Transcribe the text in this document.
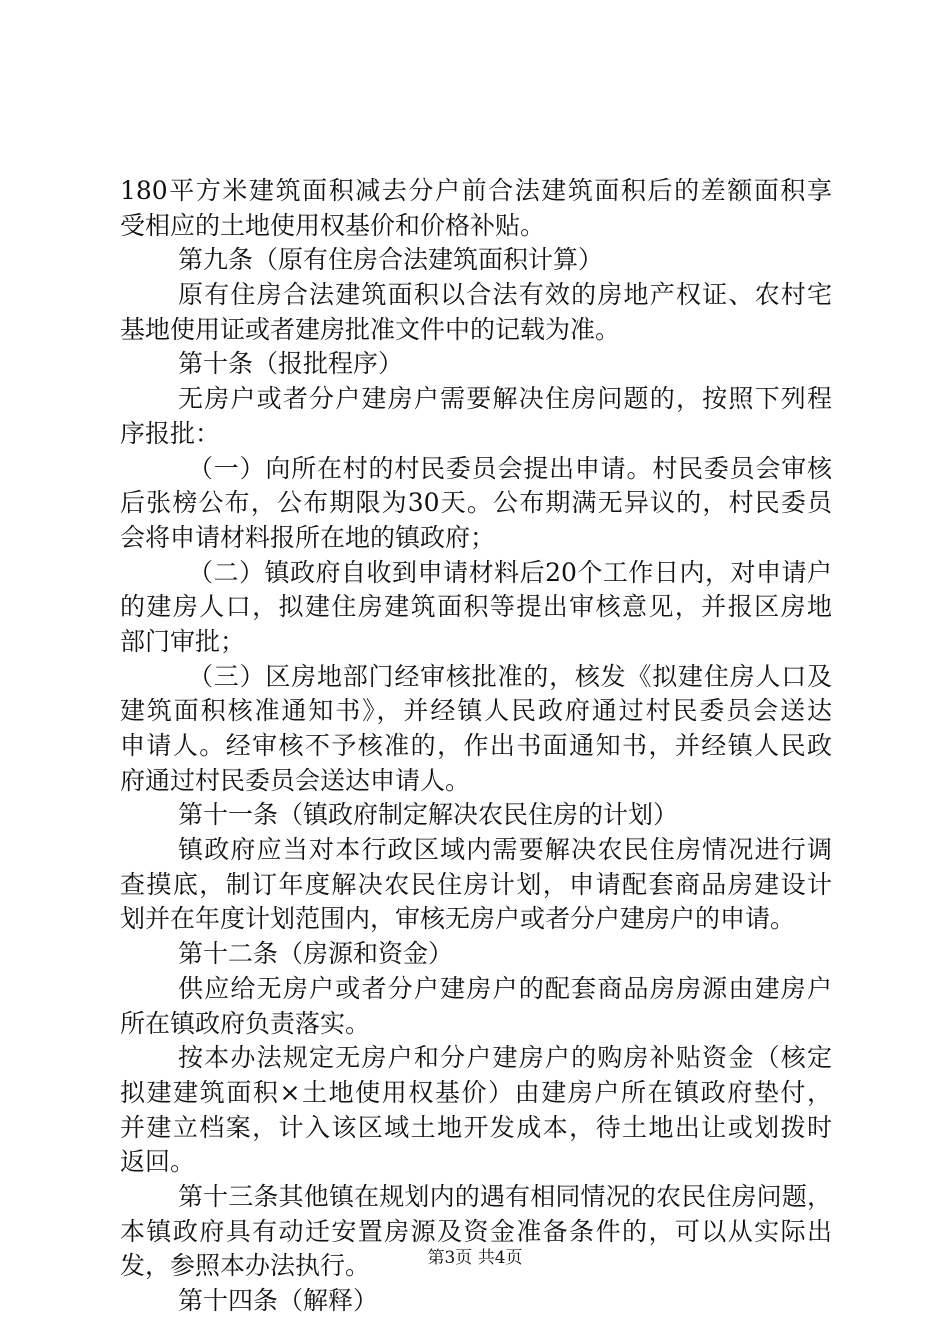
180平方米建筑面积减去分户前合法建筑面积后的差额面积享
受相应的土地使用权基价和价格补贴。
第九条（原有住房合法建筑面积计算）
原有住房合法建筑面积以合法有效的房地产权证、农村宅
基地使用证或者建房批准文件中的记载为准。
第十条（报批程序）
无房户或者分户建房户需要解决住房问题的，按照下列程
序报批：
（一）向所在村的村民委员会提出申请。村民委员会审核
后张榜公布，公布期限为30天。公布期满无异议的，村民委员
会将申请材料报所在地的镇政府；
（二）镇政府自收到申请材料后20个工作日内，对申请户
的建房人口，拟建住房建筑面积等提出审核意见，并报区房地
部门审批；
（三）区房地部门经审核批准的，核发《拟建住房人口及
建筑面积核准通知书》，并经镇人民政府通过村民委员会送达
申请人。经审核不予核准的，作出书面通知书，并经镇人民政
府通过村民委员会送达申请人。
第十一条（镇政府制定解决农民住房的计划）
镇政府应当对本行政区域内需要解决农民住房情况进行调
查摸底，制订年度解决农民住房计划，申请配套商品房建设计
划并在年度计划范围内，审核无房户或者分户建房户的申请。
第十二条（房源和资金）
供应给无房户或者分户建房户的配套商品房房源由建房户
所在镇政府负责落实。
按本办法规定无房户和分户建房户的购房补贴资金（核定
拟建建筑面积×土地使用权基价）由建房户所在镇政府垫付，
并建立档案，计入该区域土地开发成本，待土地出让或划拨时
返回。
第十三条其他镇在规划内的遇有相同情况的农民住房问题，
本镇政府具有动迁安置房源及资金准备条件的，可以从实际出
发，参照本办法执行。
第十四条（解释）
第3页 共4页
